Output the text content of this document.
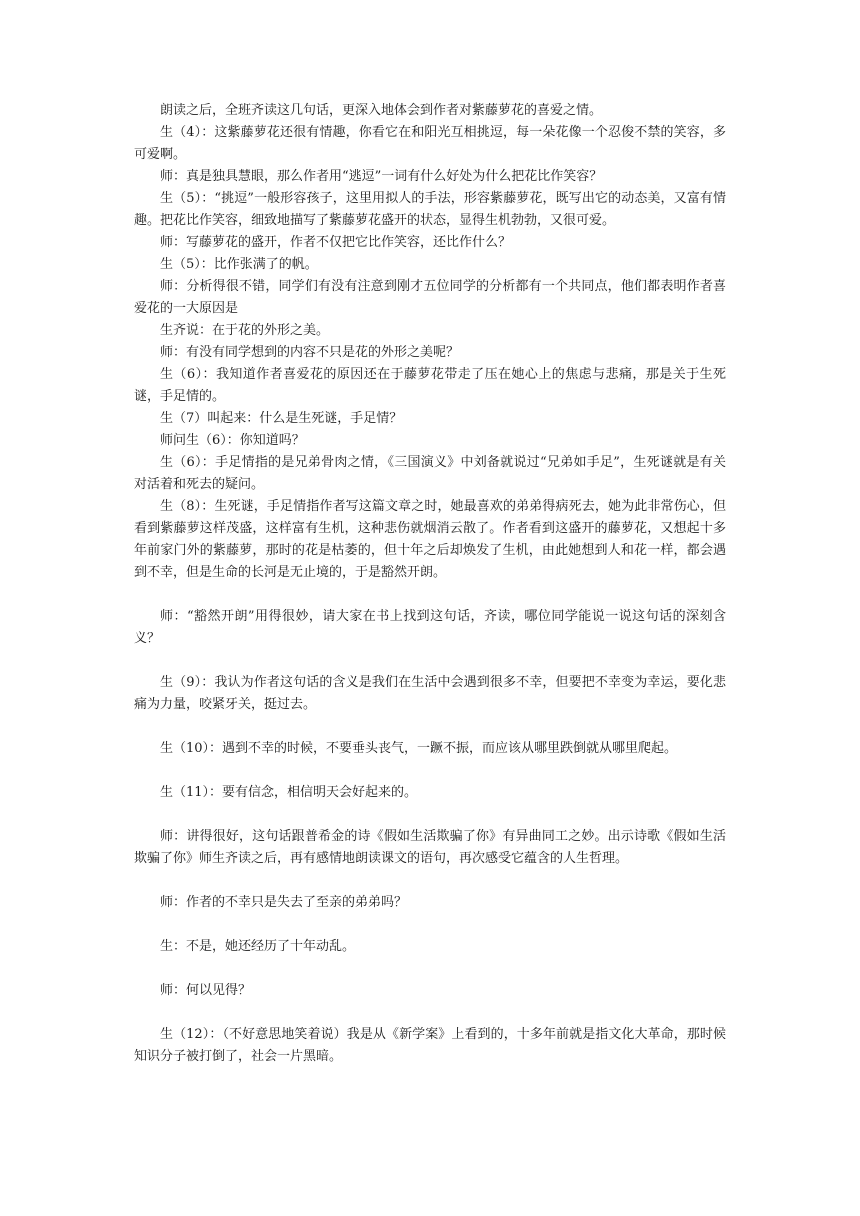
朗读之后，全班齐读这几句话，更深入地体会到作者对紫藤萝花的喜爱之情。

生（4）：这紫藤萝花还很有情趣，你看它在和阳光互相挑逗，每一朵花像一个忍俊不禁的笑容，多可爱啊。

师：真是独具慧眼，那么作者用“逃逗”一词有什么好处为什么把花比作笑容？

生（5）：“挑逗”一般形容孩子，这里用拟人的手法，形容紫藤萝花，既写出它的动态美，又富有情趣。把花比作笑容，细致地描写了紫藤萝花盛开的状态，显得生机勃勃，又很可爱。

师：写藤萝花的盛开，作者不仅把它比作笑容，还比作什么？

生（5）：比作张满了的帆。

师：分析得很不错，同学们有没有注意到刚才五位同学的分析都有一个共同点，他们都表明作者喜爱花的一大原因是

生齐说：在于花的外形之美。

师：有没有同学想到的内容不只是花的外形之美呢？

生（6）：我知道作者喜爱花的原因还在于藤萝花带走了压在她心上的焦虑与悲痛，那是关于生死谜，手足情的。

生（7）叫起来：什么是生死谜，手足情？

师问生（6）：你知道吗？

生（6）：手足情指的是兄弟骨肉之情，《三国演义》中刘备就说过“兄弟如手足”，生死谜就是有关对活着和死去的疑问。

生（8）：生死谜，手足情指作者写这篇文章之时，她最喜欢的弟弟得病死去，她为此非常伤心，但看到紫藤萝这样茂盛，这样富有生机，这种悲伤就烟消云散了。作者看到这盛开的藤萝花，又想起十多年前家门外的紫藤萝，那时的花是枯萎的，但十年之后却焕发了生机，由此她想到人和花一样，都会遇到不幸，但是生命的长河是无止境的，于是豁然开朗。

师：“豁然开朗”用得很妙，请大家在书上找到这句话，齐读，哪位同学能说一说这句话的深刻含义？

生（9）：我认为作者这句话的含义是我们在生活中会遇到很多不幸，但要把不幸变为幸运，要化悲痛为力量，咬紧牙关，挺过去。

生（10）：遇到不幸的时候，不要垂头丧气，一蹶不振，而应该从哪里跌倒就从哪里爬起。

生（11）：要有信念，相信明天会好起来的。

师：讲得很好，这句话跟普希金的诗《假如生活欺骗了你》有异曲同工之妙。出示诗歌《假如生活欺骗了你》师生齐读之后，再有感情地朗读课文的语句，再次感受它蕴含的人生哲理。

师：作者的不幸只是失去了至亲的弟弟吗？

生：不是，她还经历了十年动乱。

师：何以见得？

生（12）：（不好意思地笑着说）我是从《新学案》上看到的，十多年前就是指文化大革命，那时候知识分子被打倒了，社会一片黑暗。
